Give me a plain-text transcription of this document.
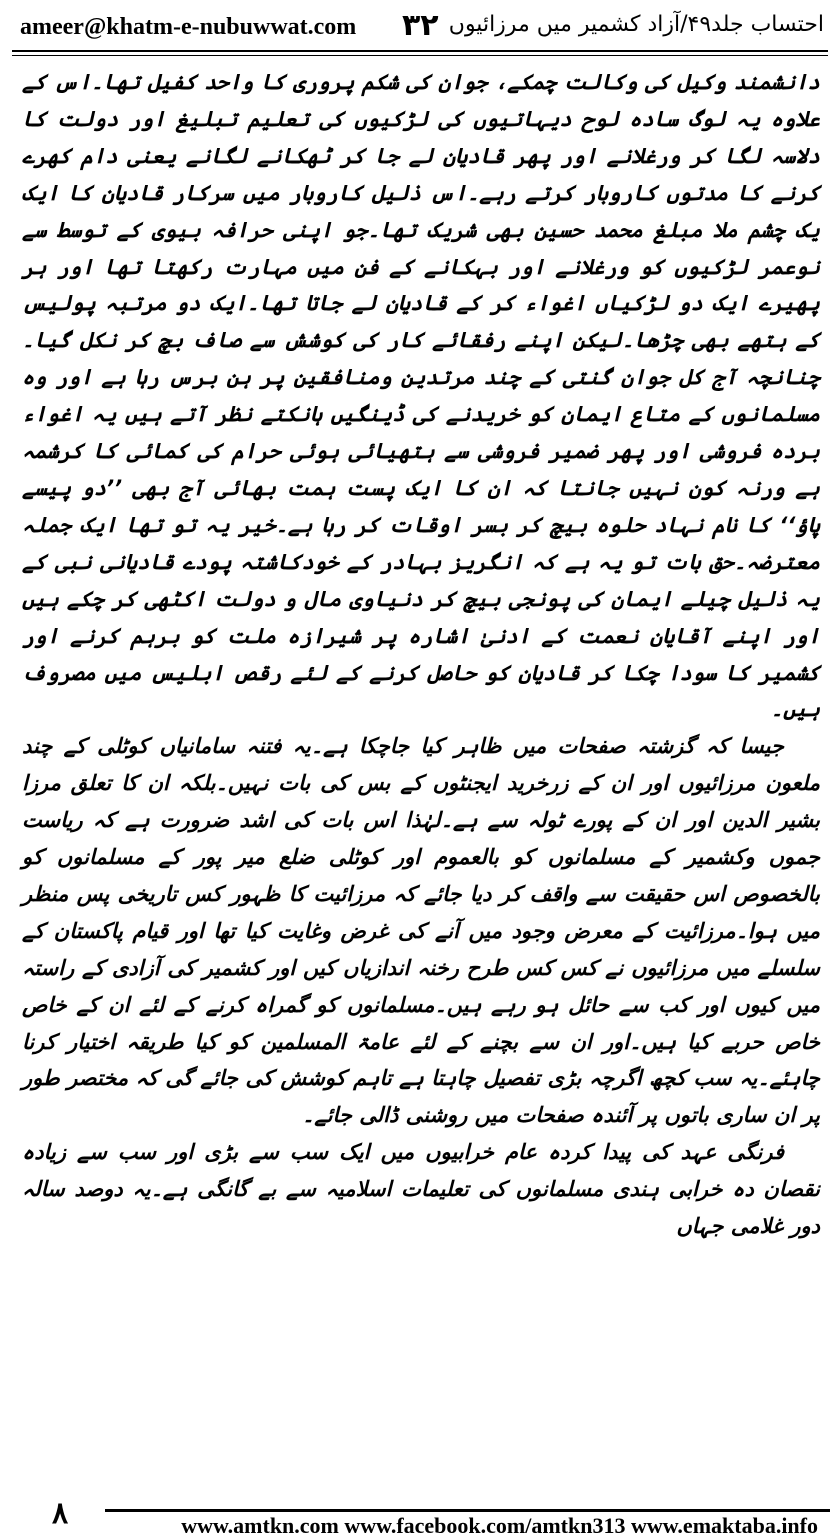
ameer@khatm-e-nubuwwat.com ۳۲ احتساب جلد۴۹/آزاد کشمیر میں مرزائیوں

دانشمند وکیل کی وکالت چمکے، جوان کی شکم پروری کا واحد کفیل تھا۔اس کے علاوہ یہ لوگ سادہ لوح دیہاتیوں کی لڑکیوں کی تعلیم تبلیغ اور دولت کا دلاسہ لگا کر ورغلانے اور پھر قادیان لے جا کر ٹھکانے لگانے یعنی دام کھرے کرنے کا مدتوں کاروبار کرتے رہے۔اس ذلیل کاروبار میں سرکار قادیان کا ایک یک چشم ملا مبلغ محمد حسین بھی شریک تھا۔جو اپنی حرافہ بیوی کے توسط سے نوعمر لڑکیوں کو ورغلانے اور بہکانے کے فن میں مہارت رکھتا تھا اور ہر پھیرے ایک دو لڑکیاں اغواء کر کے قادیان لے جاتا تھا۔ایک دو مرتبہ پولیس کے ہتھے بھی چڑھا۔لیکن اپنے رفقائے کار کی کوشش سے صاف بچ کر نکل گیا۔چنانچہ آج کل جوان گنتی کے چند مرتدین ومنافقین پر ہن برس رہا ہے اور وہ مسلمانوں کے متاع ایمان کو خریدنے کی ڈینگیں ہانکتے نظر آتے ہیں یہ اغواء بردہ فروشی اور پھر ضمیر فروشی سے ہتھیائی ہوئی حرام کی کمائی کا کرشمہ ہے ورنہ کون نہیں جانتا کہ ان کا ایک پست ہمت بھائی آج بھی ’’دو پیسے پاؤ‘‘ کا نام نہاد حلوہ بیچ کر بسر اوقات کر رہا ہے۔خیر یہ تو تھا ایک جملہ معترضہ۔حق بات تو یہ ہے کہ انگریز بہادر کے خودکاشتہ پودے قادیانی نبی کے یہ ذلیل چیلے ایمان کی پونجی بیچ کر دنیاوی مال و دولت اکٹھی کر چکے ہیں اور اپنے آقایان نعمت کے ادنیٰ اشارہ پر شیرازہ ملت کو برہم کرنے اور کشمیر کا سودا چکا کر قادیان کو حاصل کرنے کے لئے رقص ابلیس میں مصروف ہیں۔

جیسا کہ گزشتہ صفحات میں ظاہر کیا جاچکا ہے۔یہ فتنہ سامانیاں کوٹلی کے چند ملعون مرزائیوں اور ان کے زرخرید ایجنٹوں کے بس کی بات نہیں۔بلکہ ان کا تعلق مرزا بشیر الدین اور ان کے پورے ٹولہ سے ہے۔لہٰذا اس بات کی اشد ضرورت ہے کہ ریاست جموں وکشمیر کے مسلمانوں کو بالعموم اور کوٹلی ضلع میر پور کے مسلمانوں کو بالخصوص اس حقیقت سے واقف کر دیا جائے کہ مرزائیت کا ظہور کس تاریخی پس منظر میں ہوا۔مرزائیت کے معرض وجود میں آنے کی غرض وغایت کیا تھا اور قیام پاکستان کے سلسلے میں مرزائیوں نے کس کس طرح رخنہ اندازیاں کیں اور کشمیر کی آزادی کے راستہ میں کیوں اور کب سے حائل ہو رہے ہیں۔مسلمانوں کو گمراہ کرنے کے لئے ان کے خاص خاص حربے کیا ہیں۔اور ان سے بچنے کے لئے عامۃ المسلمین کو کیا طریقہ اختیار کرنا چاہئے۔یہ سب کچھ اگرچہ بڑی تفصیل چاہتا ہے تاہم کوشش کی جائے گی کہ مختصر طور پر ان ساری باتوں پر آئندہ صفحات میں روشنی ڈالی جائے۔

فرنگی عہد کی پیدا کردہ عام خرابیوں میں ایک سب سے بڑی اور سب سے زیادہ نقصان دہ خرابی ہندی مسلمانوں کی تعلیمات اسلامیہ سے بے گانگی ہے۔یہ دوصد سالہ دور غلامی جہاں

۸	www.amtkn.com www.facebook.com/amtkn313 www.emaktaba.info
